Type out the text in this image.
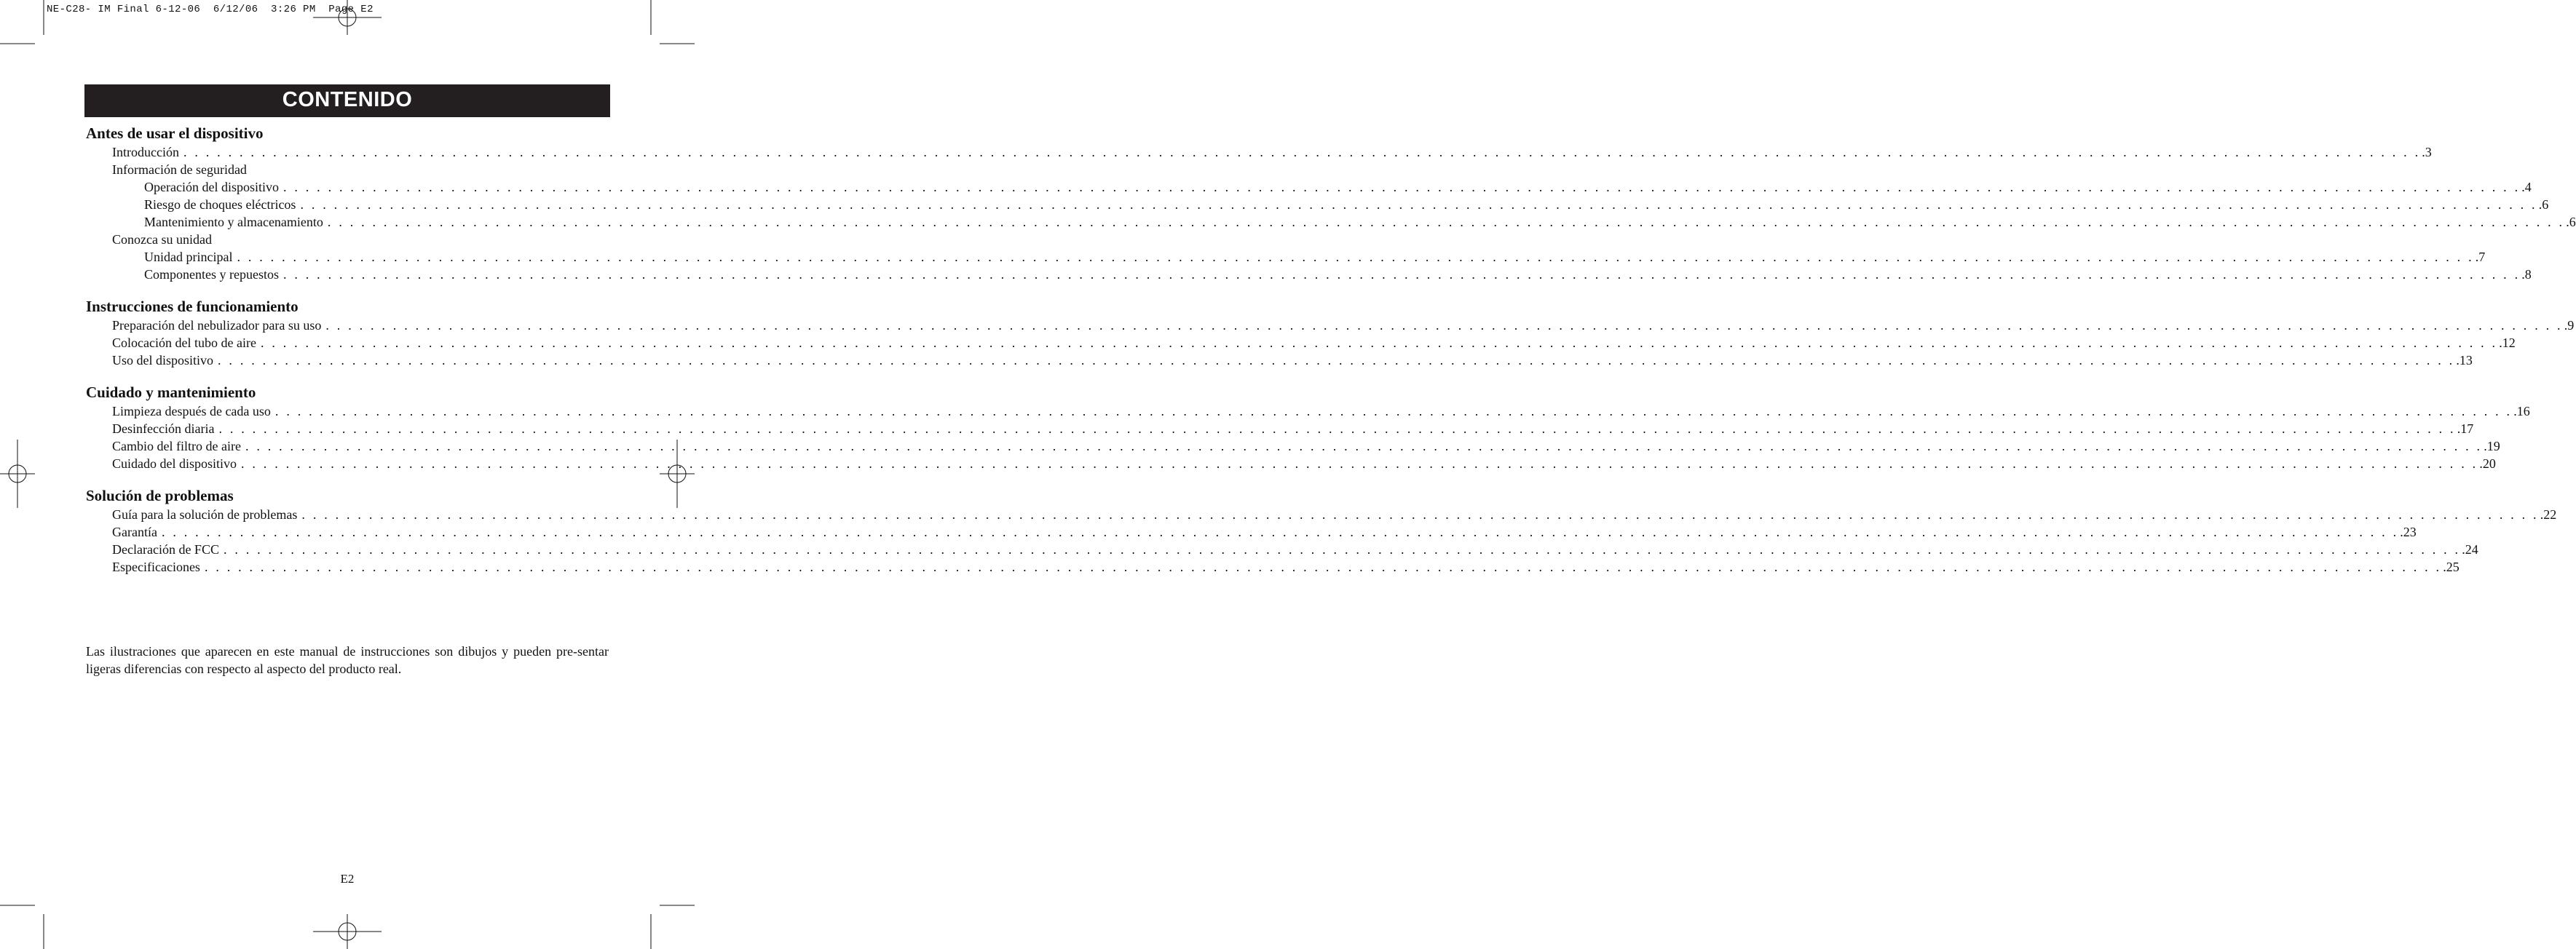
NE-C28- IM Final 6-12-06  6/12/06  3:26 PM  Page E2
CONTENIDO
Antes de usar el dispositivo
Introducción . . . . . . . . . . . . . . . . . . . . . . . . . . . . . . . . . . . . . . . . . . . . . . . . . . . . . . . . . . . . . . . . . . . . . . . . . . . . . . . . . . . . . . . . . . . . . . . . . . . . . . . . . . . . . . . . . . . . . . . . . . . . . . . . . . . . . . . . . . . . . . . . . . . . . . . . . . . . . . . . . . . . . . . . . . . . . . . . . . . . . . . . . . . . . . . . . . . . . . . . .3
Información de seguridad
Operación del dispositivo . . . . . . . . . . . . . . . . . . . . . . . . . . . . . . . . . . . . . . . . . . . . . . . . . . . . . . . . . . . . . . . . . . . . . . . . . . . . . . . . . . . . . . . . . . . . . . . . . . . . . . . . . . . . . . . . . . . . . . . . . . . . . . . . . . . . . . . . . . . . . . . . . . . . . . . . . . . . . . . . . . . . . . . . . . . . . . . . . . . . . . . . . . . . . . . . . . . . . . . . .4
Riesgo de choques eléctricos . . . . . . . . . . . . . . . . . . . . . . . . . . . . . . . . . . . . . . . . . . . . . . . . . . . . . . . . . . . . . . . . . . . . . . . . . . . . . . . . . . . . . . . . . . . . . . . . . . . . . . . . . . . . . . . . . . . . . . . . . . . . . . . . . . . . . . . . . . . . . . . . . . . . . . . . . . . . . . . . . . . . . . . . . . . . . . . . . . . . . . . . . . . . . . . . . . . . . . . . .6
Mantenimiento y almacenamiento . . . . . . . . . . . . . . . . . . . . . . . . . . . . . . . . . . . . . . . . . . . . . . . . . . . . . . . . . . . . . . . . . . . . . . . . . . . . . . . . . . . . . . . . . . . . . . . . . . . . . . . . . . . . . . . . . . . . . . . . . . . . . . . . . . . . . . . . . . . . . . . . . . . . . . . . . . . . . . . . . . . . . . . . . . . . . . . . . . . . . . . . . . . . . . . . . . . . . . . . .6
Conozca su unidad
Unidad principal . . . . . . . . . . . . . . . . . . . . . . . . . . . . . . . . . . . . . . . . . . . . . . . . . . . . . . . . . . . . . . . . . . . . . . . . . . . . . . . . . . . . . . . . . . . . . . . . . . . . . . . . . . . . . . . . . . . . . . . . . . . . . . . . . . . . . . . . . . . . . . . . . . . . . . . . . . . . . . . . . . . . . . . . . . . . . . . . . . . . . . . . . . . . . . . . . . . . . . . . .7
Componentes y repuestos . . . . . . . . . . . . . . . . . . . . . . . . . . . . . . . . . . . . . . . . . . . . . . . . . . . . . . . . . . . . . . . . . . . . . . . . . . . . . . . . . . . . . . . . . . . . . . . . . . . . . . . . . . . . . . . . . . . . . . . . . . . . . . . . . . . . . . . . . . . . . . . . . . . . . . . . . . . . . . . . . . . . . . . . . . . . . . . . . . . . . . . . . . . . . . . . . . . . . . . . .8
Instrucciones de funcionamiento
Preparación del nebulizador para su uso . . . . . . . . . . . . . . . . . . . . . . . . . . . . . . . . . . . . . . . . . . . . . . . . . . . . . . . . . . . . . . . . . . . . . . . . . . . . . . . . . . . . . . . . . . . . . . . . . . . . . . . . . . . . . . . . . . . . . . . . . . . . . . . . . . . . . . . . . . . . . . . . . . . . . . . . . . . . . . . . . . . . . . . . . . . . . . . . . . . . . . . . . . . . . . . . . . . . . . . . .9
Colocación del tubo de aire . . . . . . . . . . . . . . . . . . . . . . . . . . . . . . . . . . . . . . . . . . . . . . . . . . . . . . . . . . . . . . . . . . . . . . . . . . . . . . . . . . . . . . . . . . . . . . . . . . . . . . . . . . . . . . . . . . . . . . . . . . . . . . . . . . . . . . . . . . . . . . . . . . . . . . . . . . . . . . . . . . . . . . . . . . . . . . . . . . . . . . . . . . . . . . . . . . . . . . . . .12
Uso del dispositivo . . . . . . . . . . . . . . . . . . . . . . . . . . . . . . . . . . . . . . . . . . . . . . . . . . . . . . . . . . . . . . . . . . . . . . . . . . . . . . . . . . . . . . . . . . . . . . . . . . . . . . . . . . . . . . . . . . . . . . . . . . . . . . . . . . . . . . . . . . . . . . . . . . . . . . . . . . . . . . . . . . . . . . . . . . . . . . . . . . . . . . . . . . . . . . . . . . . . . . . . .13
Cuidado y mantenimiento
Limpieza después de cada uso . . . . . . . . . . . . . . . . . . . . . . . . . . . . . . . . . . . . . . . . . . . . . . . . . . . . . . . . . . . . . . . . . . . . . . . . . . . . . . . . . . . . . . . . . . . . . . . . . . . . . . . . . . . . . . . . . . . . . . . . . . . . . . . . . . . . . . . . . . . . . . . . . . . . . . . . . . . . . . . . . . . . . . . . . . . . . . . . . . . . . . . . . . . . . . . . . . . . . . . . .16
Desinfección diaria . . . . . . . . . . . . . . . . . . . . . . . . . . . . . . . . . . . . . . . . . . . . . . . . . . . . . . . . . . . . . . . . . . . . . . . . . . . . . . . . . . . . . . . . . . . . . . . . . . . . . . . . . . . . . . . . . . . . . . . . . . . . . . . . . . . . . . . . . . . . . . . . . . . . . . . . . . . . . . . . . . . . . . . . . . . . . . . . . . . . . . . . . . . . . . . . . . . . . . . . .17
Cambio del filtro de aire . . . . . . . . . . . . . . . . . . . . . . . . . . . . . . . . . . . . . . . . . . . . . . . . . . . . . . . . . . . . . . . . . . . . . . . . . . . . . . . . . . . . . . . . . . . . . . . . . . . . . . . . . . . . . . . . . . . . . . . . . . . . . . . . . . . . . . . . . . . . . . . . . . . . . . . . . . . . . . . . . . . . . . . . . . . . . . . . . . . . . . . . . . . . . . . . . . . . . . . . .19
Cuidado del dispositivo . . . . . . . . . . . . . . . . . . . . . . . . . . . . . . . . . . . . . . . . . . . . . . . . . . . . . . . . . . . . . . . . . . . . . . . . . . . . . . . . . . . . . . . . . . . . . . . . . . . . . . . . . . . . . . . . . . . . . . . . . . . . . . . . . . . . . . . . . . . . . . . . . . . . . . . . . . . . . . . . . . . . . . . . . . . . . . . . . . . . . . . . . . . . . . . . . . . . . . . . .20
Solución de problemas
Guía para la solución de problemas . . . . . . . . . . . . . . . . . . . . . . . . . . . . . . . . . . . . . . . . . . . . . . . . . . . . . . . . . . . . . . . . . . . . . . . . . . . . . . . . . . . . . . . . . . . . . . . . . . . . . . . . . . . . . . . . . . . . . . . . . . . . . . . . . . . . . . . . . . . . . . . . . . . . . . . . . . . . . . . . . . . . . . . . . . . . . . . . . . . . . . . . . . . . . . . . . . . . . . . . .22
Garantía . . . . . . . . . . . . . . . . . . . . . . . . . . . . . . . . . . . . . . . . . . . . . . . . . . . . . . . . . . . . . . . . . . . . . . . . . . . . . . . . . . . . . . . . . . . . . . . . . . . . . . . . . . . . . . . . . . . . . . . . . . . . . . . . . . . . . . . . . . . . . . . . . . . . . . . . . . . . . . . . . . . . . . . . . . . . . . . . . . . . . . . . . . . . . . . . . . . . . . . . .23
Declaración de FCC . . . . . . . . . . . . . . . . . . . . . . . . . . . . . . . . . . . . . . . . . . . . . . . . . . . . . . . . . . . . . . . . . . . . . . . . . . . . . . . . . . . . . . . . . . . . . . . . . . . . . . . . . . . . . . . . . . . . . . . . . . . . . . . . . . . . . . . . . . . . . . . . . . . . . . . . . . . . . . . . . . . . . . . . . . . . . . . . . . . . . . . . . . . . . . . . . . . . . . . . .24
Especificaciones . . . . . . . . . . . . . . . . . . . . . . . . . . . . . . . . . . . . . . . . . . . . . . . . . . . . . . . . . . . . . . . . . . . . . . . . . . . . . . . . . . . . . . . . . . . . . . . . . . . . . . . . . . . . . . . . . . . . . . . . . . . . . . . . . . . . . . . . . . . . . . . . . . . . . . . . . . . . . . . . . . . . . . . . . . . . . . . . . . . . . . . . . . . . . . . . . . . . . . . . .25
Las ilustraciones que aparecen en este manual de instrucciones son dibujos y pueden pre-sentar ligeras diferencias con respecto al aspecto del producto real.
E2
